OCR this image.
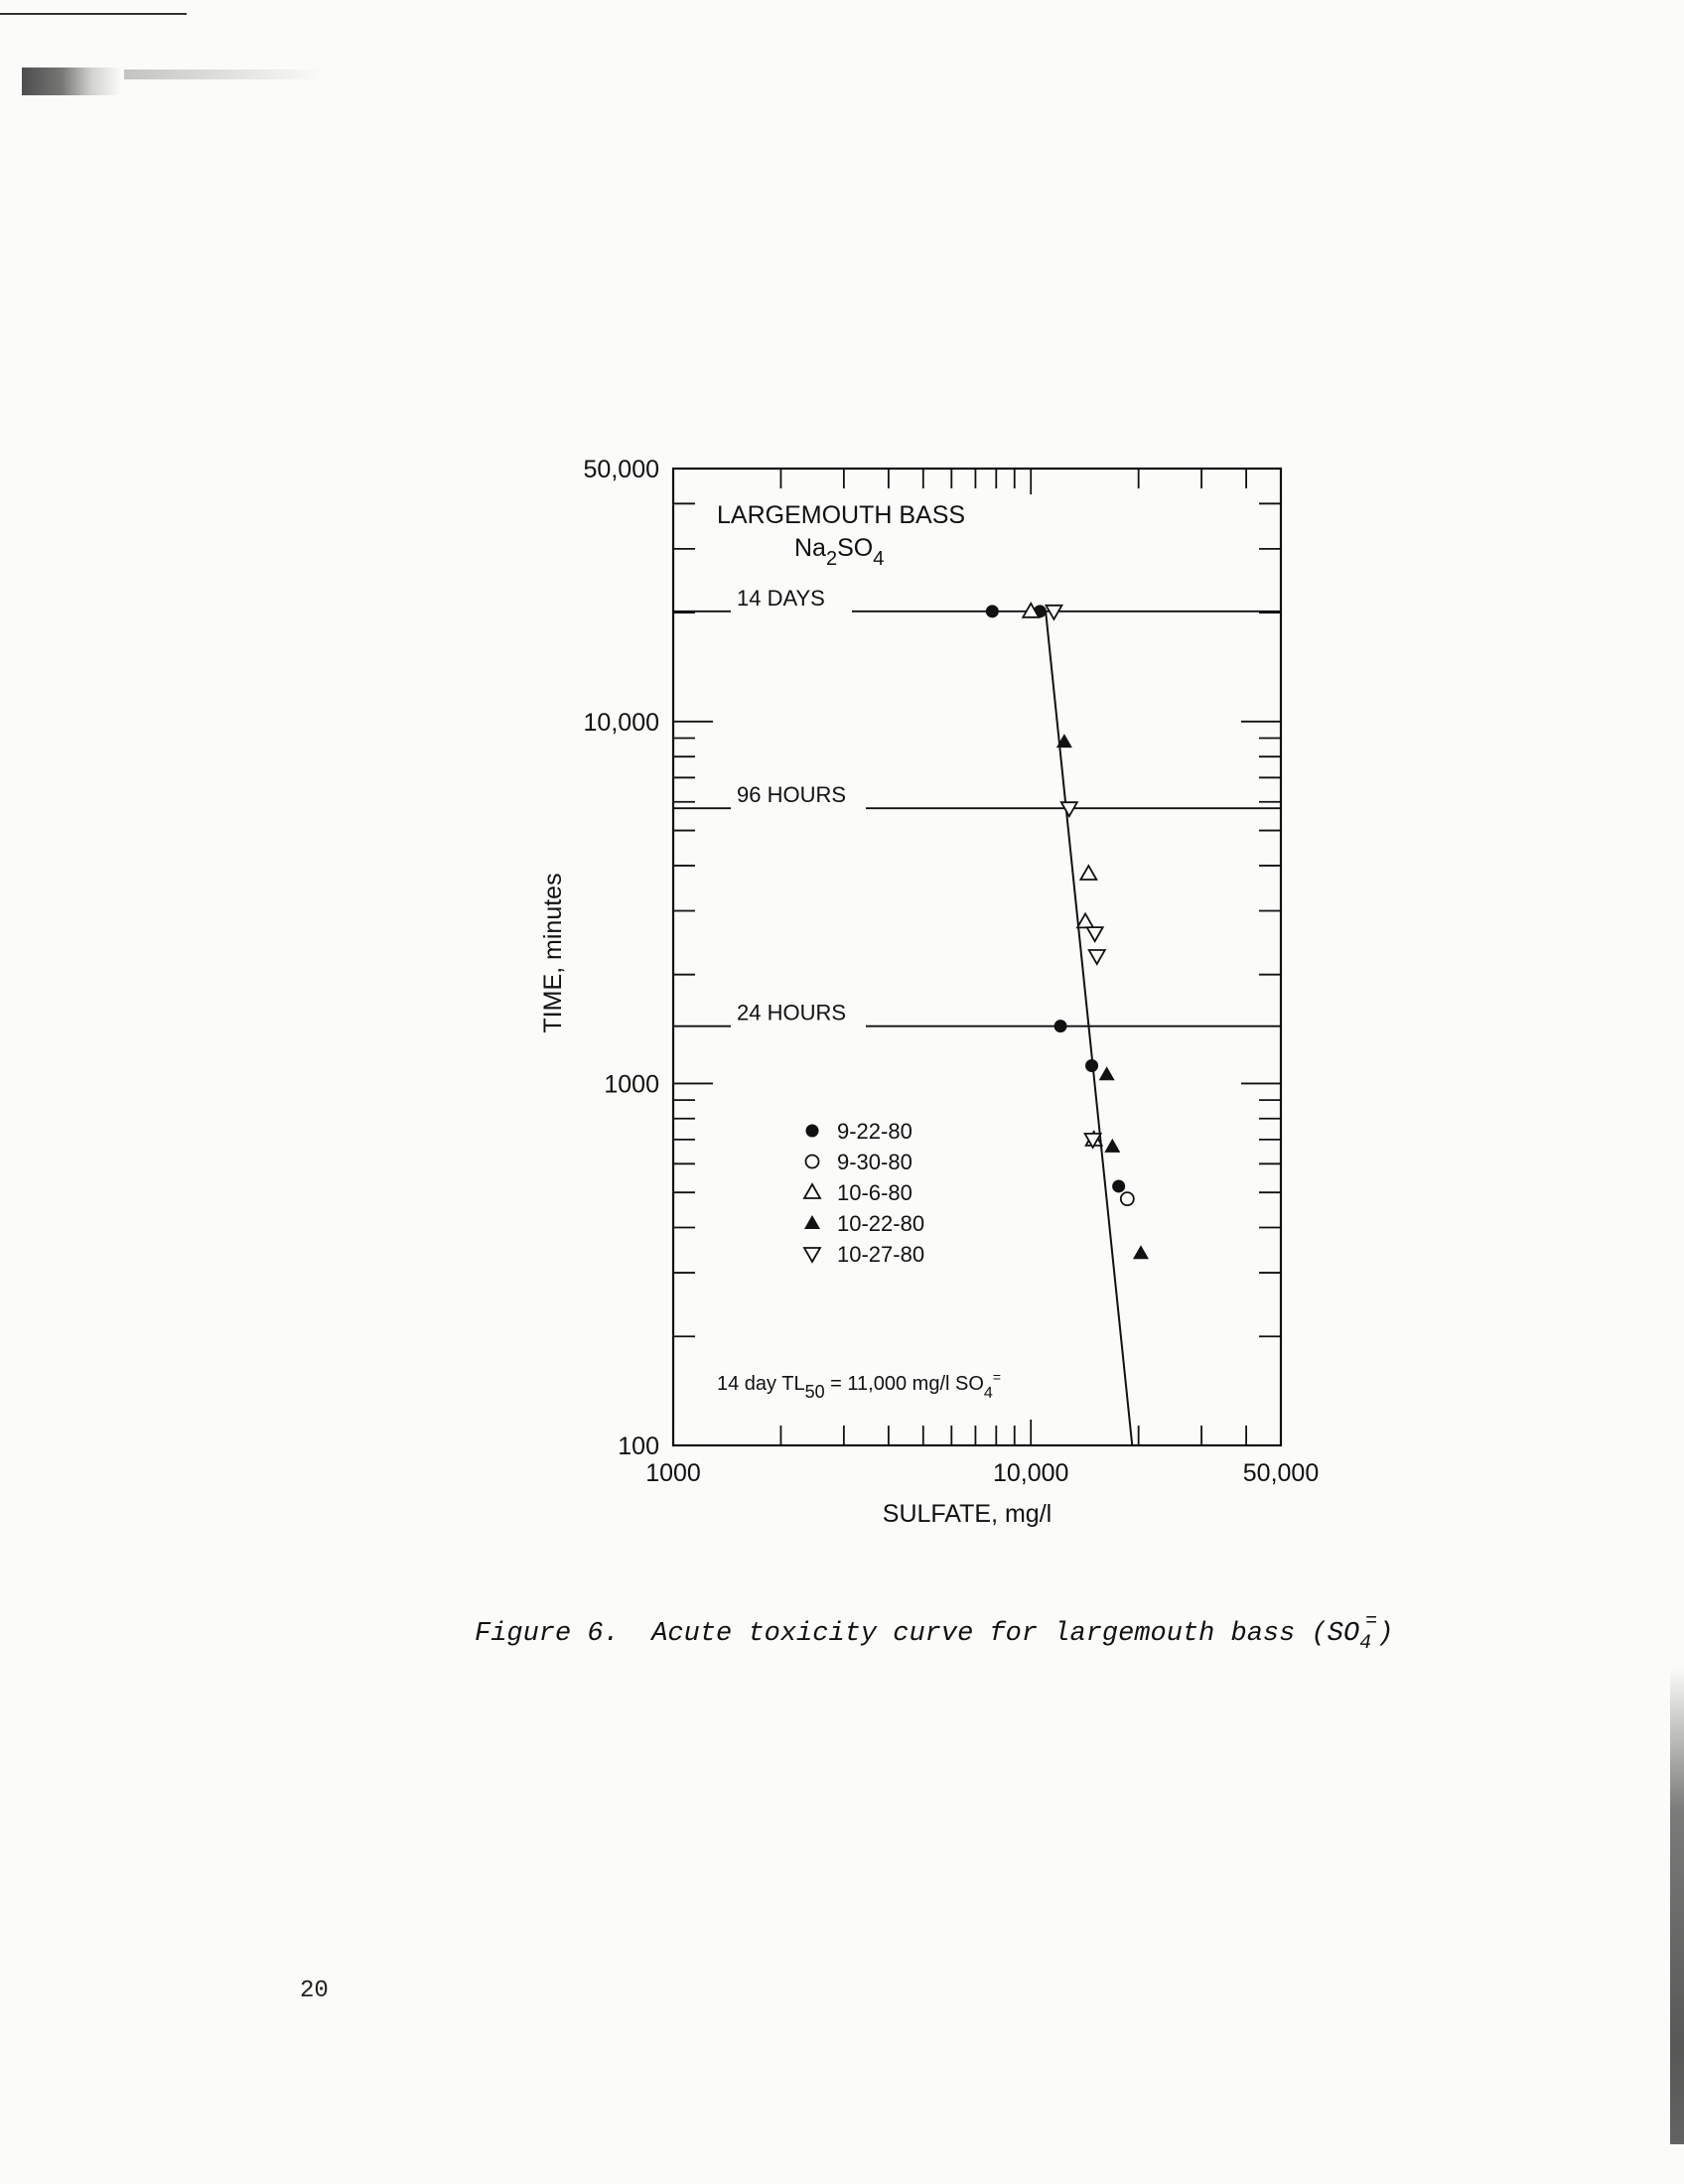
50,000
10,000
1000
100
1000	10,000	50,000
14 DAYS
96 HOURS
24 HOURS
LARGEMOUTH BASS
$Na_2SO_4$
SULFATE, mg/l
TIME, minutes
14 day TL50 = 11,000 mg/l $SO_4^=$
9-22-80
9-30-80
10-6-80
10-22-80
10-27-80
Figure 6.  Acute toxicity curve for largemouth bass $(SO_4^=)$
20
